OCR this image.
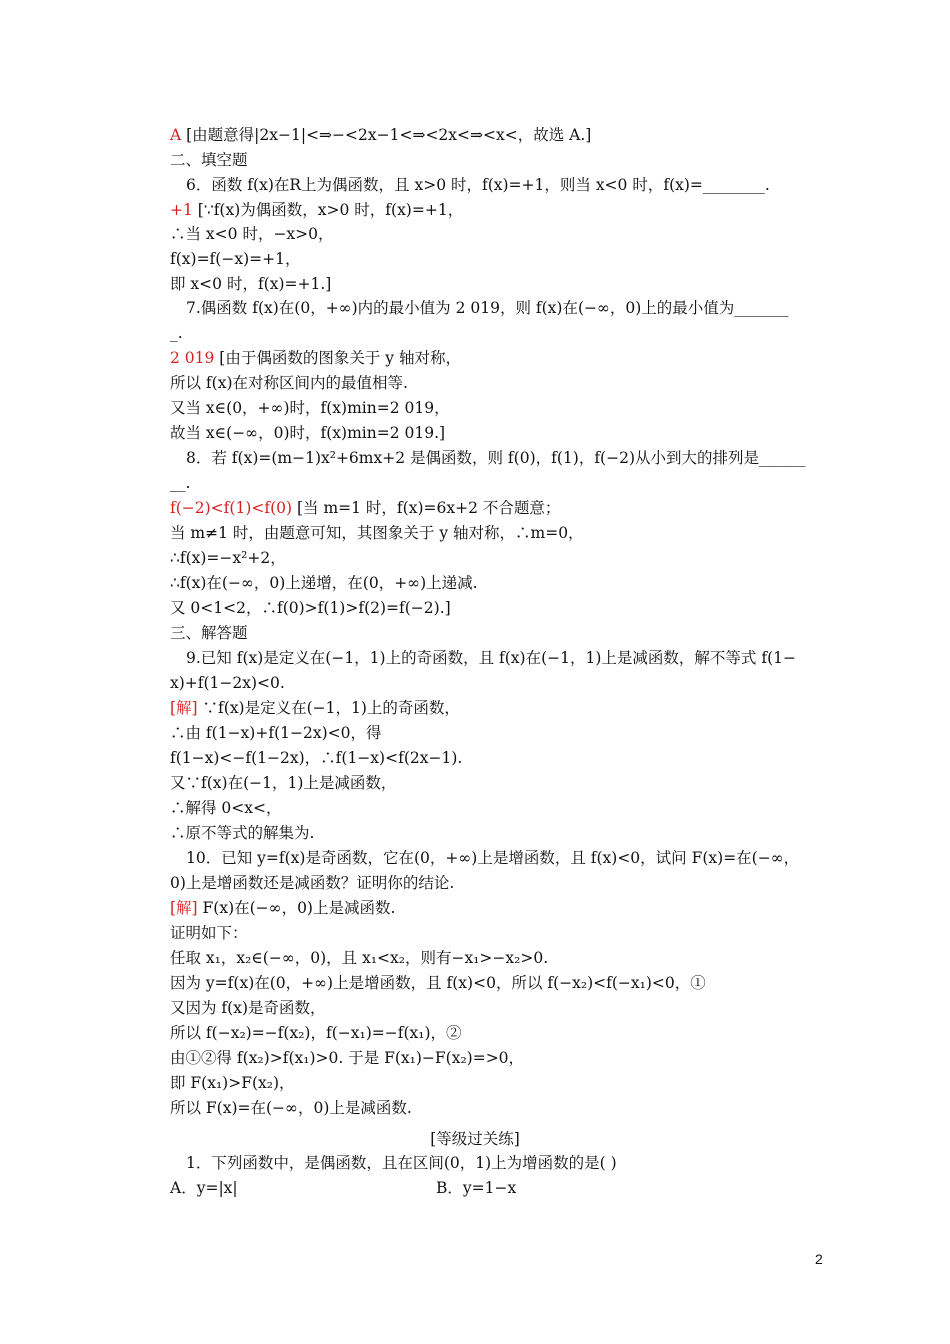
A [由题意得|2x−1|<⇒−<2x−1<⇒<2x<⇒<x<，故选 A.]
二、填空题
6．函数 f(x)在R上为偶函数，且 x>0 时，f(x)=+1，则当 x<0 时，f(x)=________.
+1 [∵f(x)为偶函数，x>0 时，f(x)=+1，
∴当 x<0 时，−x>0，
f(x)=f(−x)=+1，
即 x<0 时，f(x)=+1.]
7.偶函数 f(x)在(0，+∞)内的最小值为 2 019，则 f(x)在(−∞，0)上的最小值为_______
_.
2 019 [由于偶函数的图象关于 y 轴对称，
所以 f(x)在对称区间内的最值相等.
又当 x∈(0，+∞)时，f(x)min=2 019，
故当 x∈(−∞，0)时，f(x)min=2 019.]
8．若 f(x)=(m−1)x²+6mx+2 是偶函数，则 f(0)，f(1)，f(−2)从小到大的排列是______
__.
f(−2)<f(1)<f(0) [当 m=1 时，f(x)=6x+2 不合题意；
当 m≠1 时，由题意可知，其图象关于 y 轴对称，∴m=0，
∴f(x)=−x²+2，
∴f(x)在(−∞，0)上递增，在(0，+∞)上递减.
又 0<1<2，∴f(0)>f(1)>f(2)=f(−2).]
三、解答题
9.已知 f(x)是定义在(−1，1)上的奇函数，且 f(x)在(−1，1)上是减函数，解不等式 f(1−
x)+f(1−2x)<0.
[解] ∵f(x)是定义在(−1，1)上的奇函数，
∴由 f(1−x)+f(1−2x)<0，得
f(1−x)<−f(1−2x)，∴f(1−x)<f(2x−1).
又∵f(x)在(−1，1)上是减函数，
∴解得 0<x<，
∴原不等式的解集为.
10．已知 y=f(x)是奇函数，它在(0，+∞)上是增函数，且 f(x)<0，试问 F(x)=在(−∞，
0)上是增函数还是减函数？证明你的结论.
[解] F(x)在(−∞，0)上是减函数.
证明如下：
任取 x₁，x₂∈(−∞，0)，且 x₁<x₂，则有−x₁>−x₂>0.
因为 y=f(x)在(0，+∞)上是增函数，且 f(x)<0，所以 f(−x₂)<f(−x₁)<0，①
又因为 f(x)是奇函数，
所以 f(−x₂)=−f(x₂)，f(−x₁)=−f(x₁)，②
由①②得 f(x₂)>f(x₁)>0. 于是 F(x₁)−F(x₂)=>0，
即 F(x₁)>F(x₂)，
所以 F(x)=在(−∞，0)上是减函数.
1．下列函数中，是偶函数，且在区间(0，1)上为增函数的是( )
[等级过关练]
A．y=|x|	B．y=1−x
2
